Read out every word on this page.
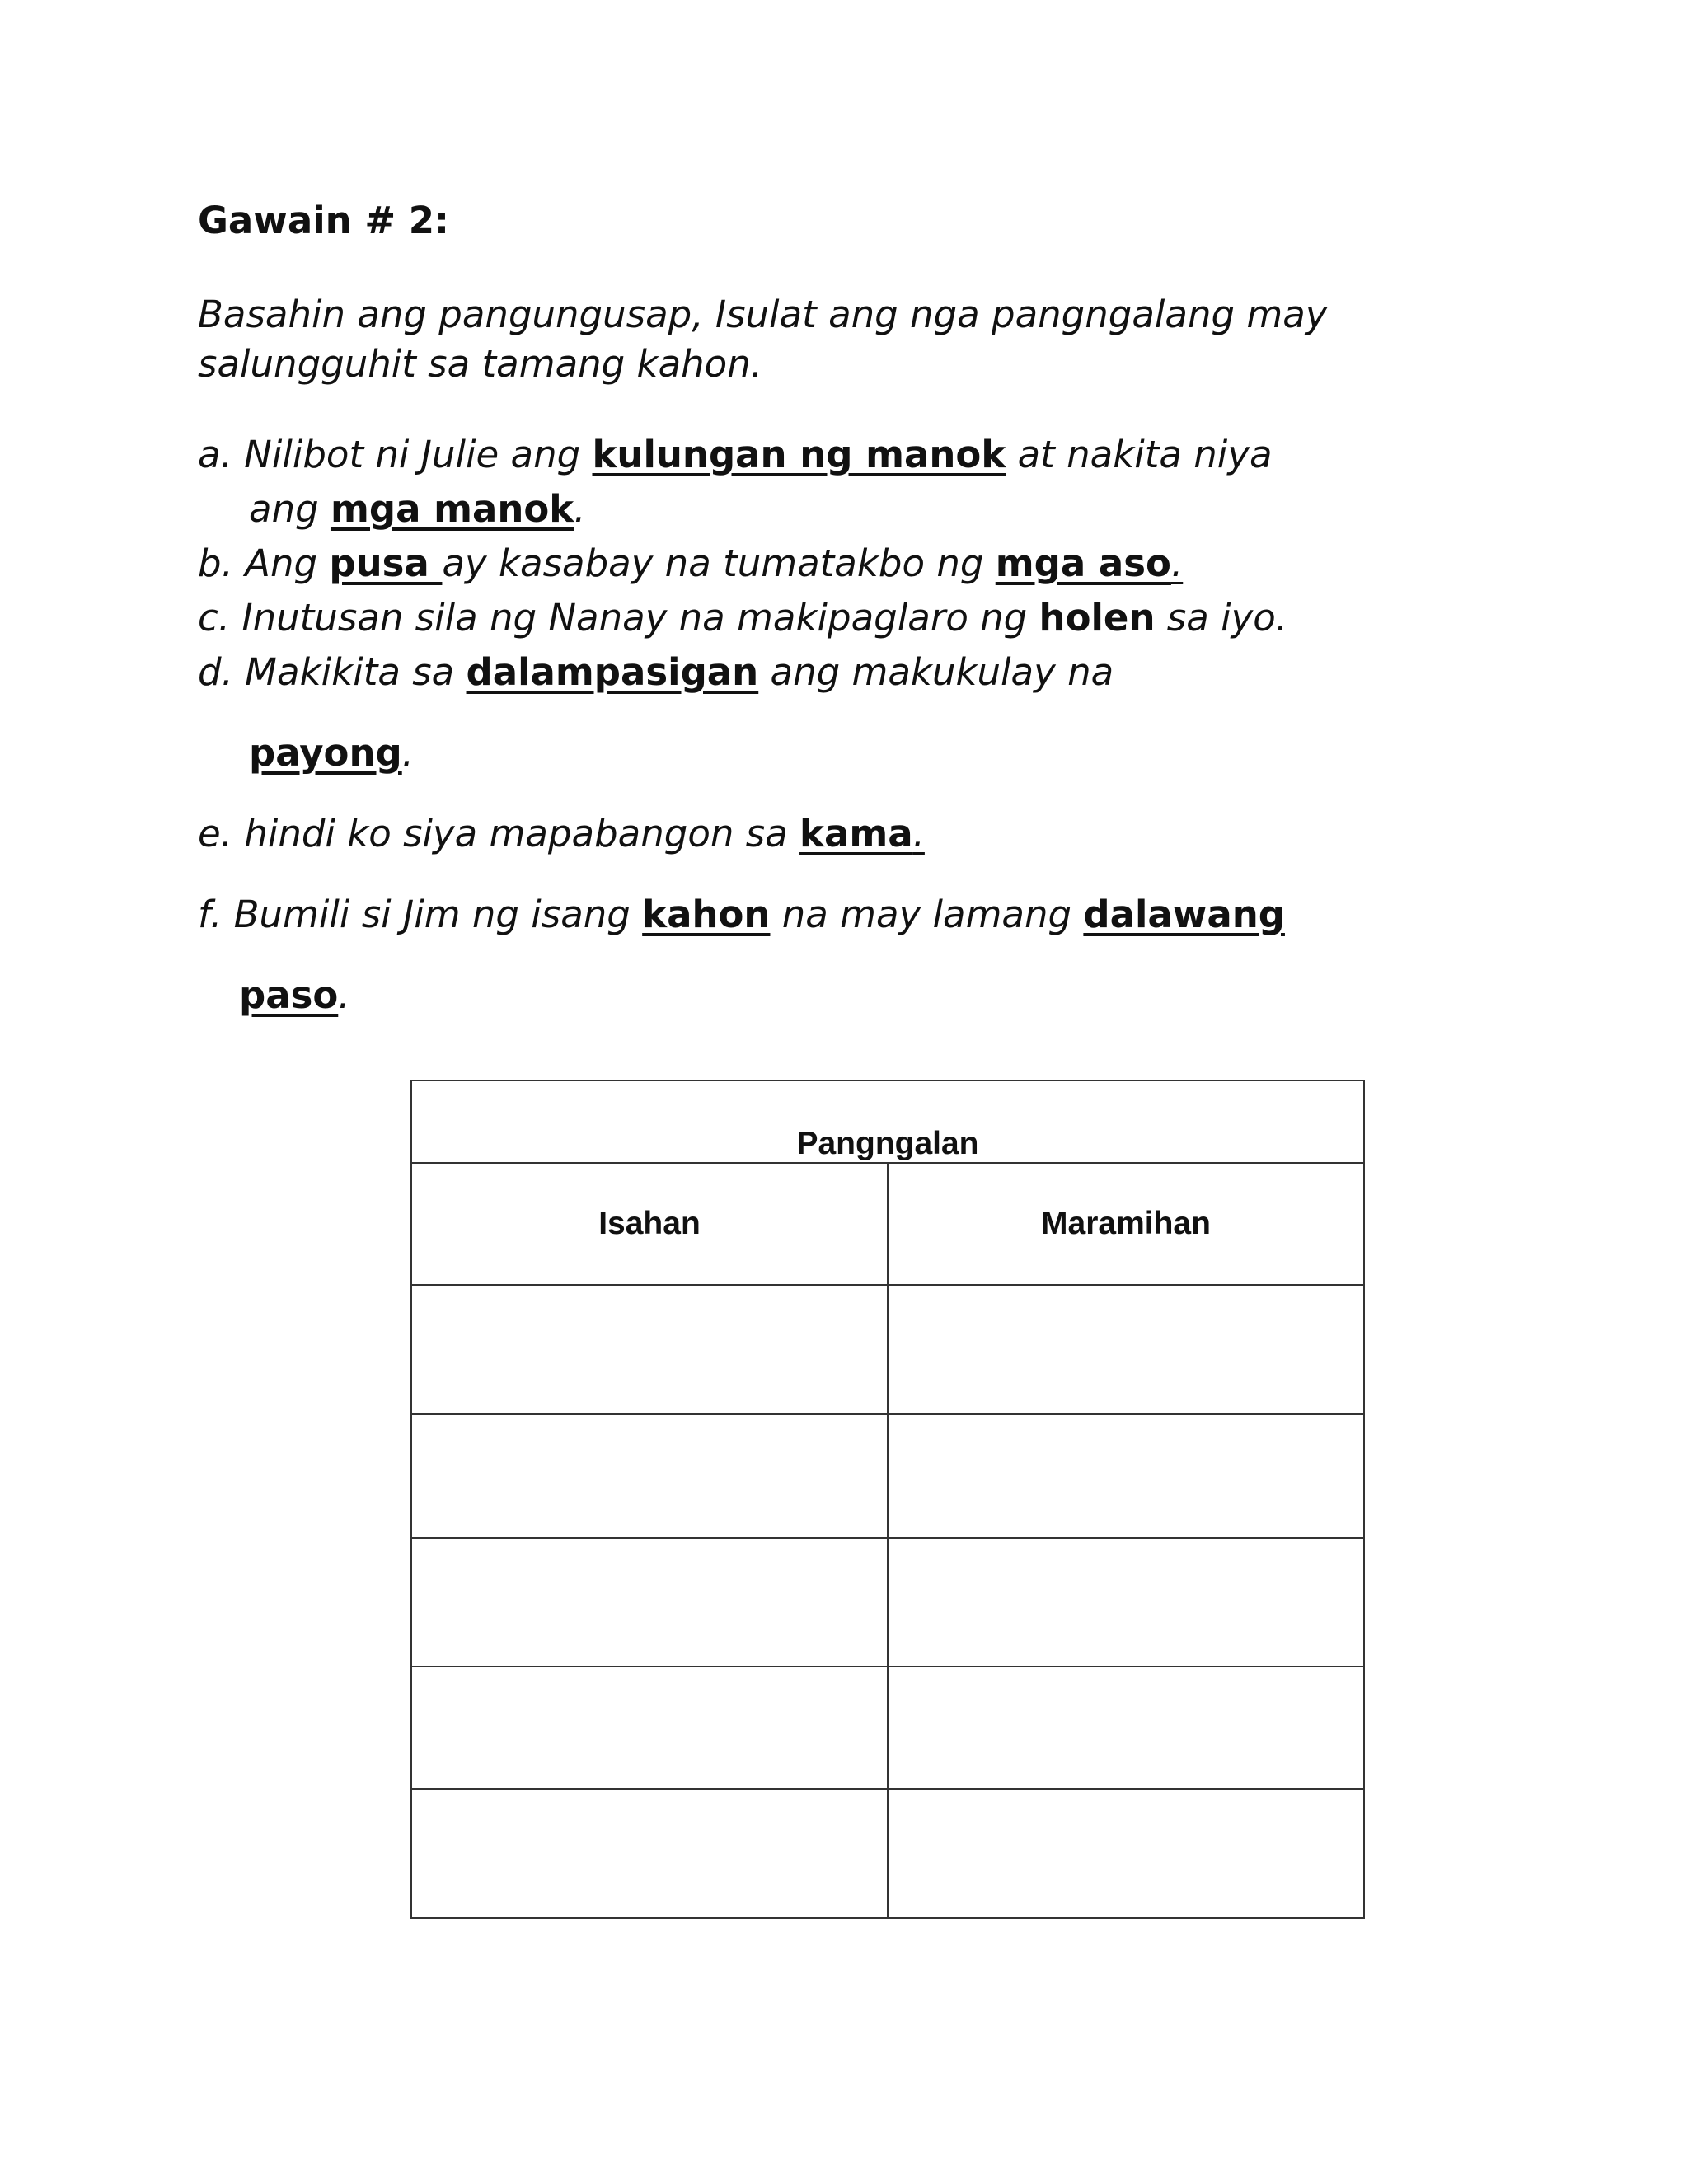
Gawain # 2:
Basahin ang pangungusap, Isulat ang nga pangngalang may
salungguhit sa tamang kahon.
a. Nilibot ni Julie ang kulungan ng manok at nakita niya
ang mga manok.
b. Ang pusa ay kasabay na tumatakbo ng mga aso.
c. Inutusan sila ng Nanay na makipaglaro ng holen sa iyo.
d. Makikita sa dalampasigan ang makukulay na
payong.
e. hindi ko siya mapabangon sa kama.
f. Bumili si Jim ng isang kahon na may lamang dalawang
paso.
Pangngalan	
Isahan	Maramihan
